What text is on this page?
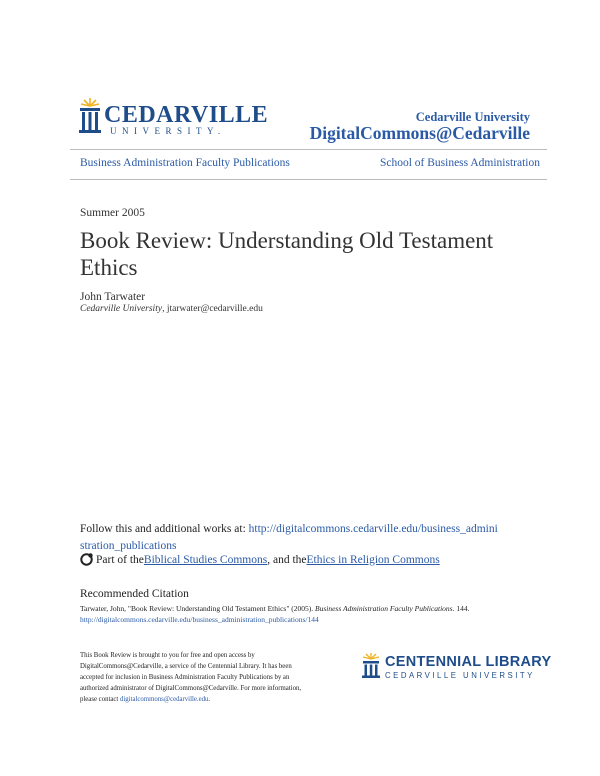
CEDARVILLE
UNIVERSITY.
Cedarville University
DigitalCommons@Cedarville
Business Administration Faculty Publications	School of Business Administration
Summer 2005
Book Review: Understanding Old Testament Ethics
John Tarwater
Cedarville University, jtarwater@cedarville.edu
Follow this and additional works at: http://digitalcommons.cedarville.edu/business_administration_publications
Part of the Biblical Studies Commons , and the Ethics in Religion Commons
Recommended Citation
Tarwater, John, "Book Review: Understanding Old Testament Ethics" (2005). Business Administration Faculty Publications. 144.
http://digitalcommons.cedarville.edu/business_administration_publications/144
This Book Review is brought to you for free and open access by DigitalCommons@Cedarville, a service of the Centennial Library. It has been accepted for inclusion in Business Administration Faculty Publications by an authorized administrator of DigitalCommons@Cedarville. For more information, please contact digitalcommons@cedarville.edu.
CENTENNIAL LIBRARY
CEDARVILLE UNIVERSITY
